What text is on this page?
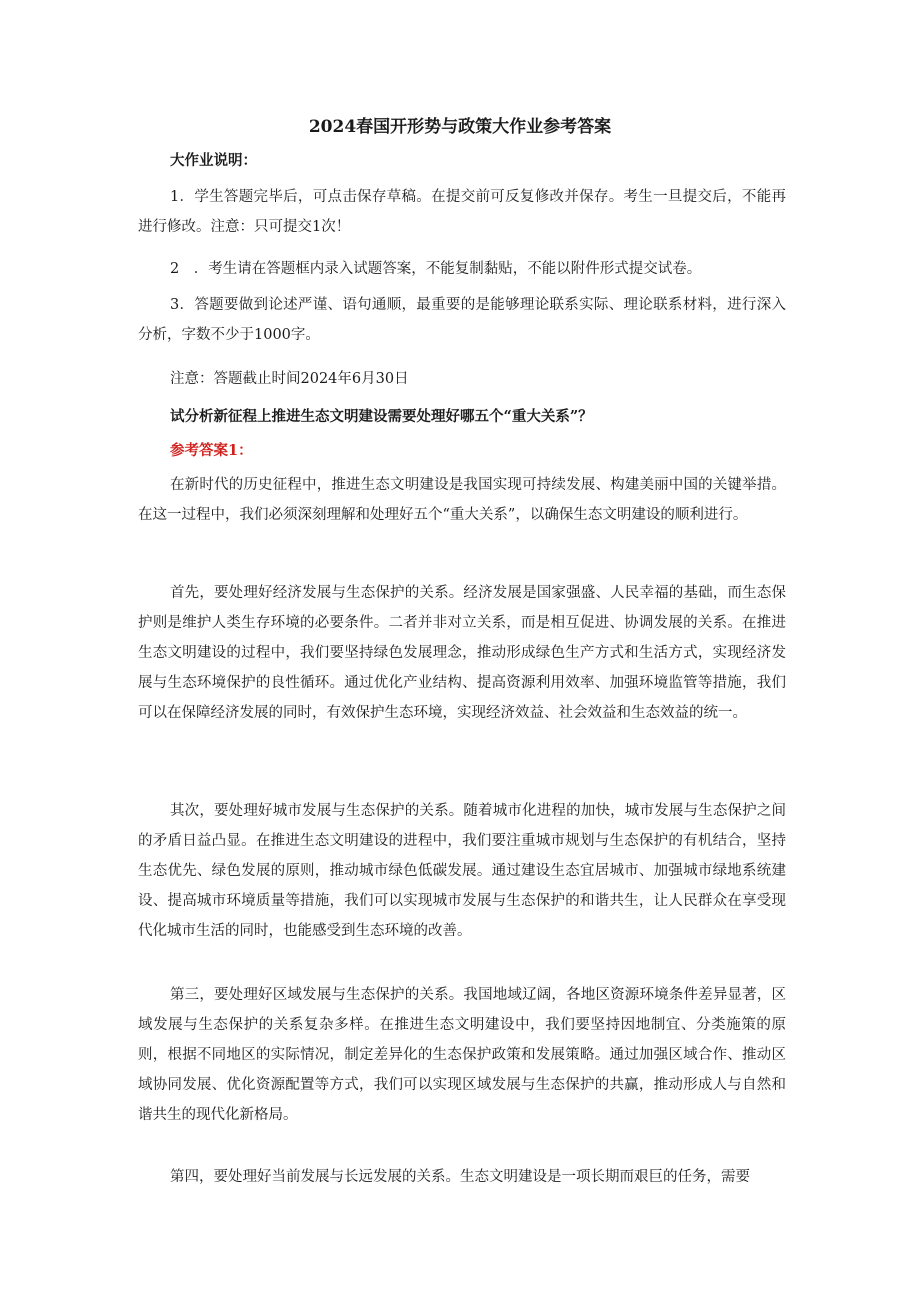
2024春国开形势与政策大作业参考答案

大作业说明：

1．学生答题完毕后，可点击保存草稿。在提交前可反复修改并保存。考生一旦提交后，不能再进行修改。注意：只可提交1次！

2　．考生请在答题框内录入试题答案，不能复制黏贴，不能以附件形式提交试卷。

3．答题要做到论述严谨、语句通顺，最重要的是能够理论联系实际、理论联系材料，进行深入分析，字数不少于1000字。

注意：答题截止时间2024年6月30日

试分析新征程上推进生态文明建设需要处理好哪五个“重大关系”？

参考答案1：

在新时代的历史征程中，推进生态文明建设是我国实现可持续发展、构建美丽中国的关键举措。在这一过程中，我们必须深刻理解和处理好五个“重大关系”，以确保生态文明建设的顺利进行。

首先，要处理好经济发展与生态保护的关系。经济发展是国家强盛、人民幸福的基础，而生态保护则是维护人类生存环境的必要条件。二者并非对立关系，而是相互促进、协调发展的关系。在推进生态文明建设的过程中，我们要坚持绿色发展理念，推动形成绿色生产方式和生活方式，实现经济发展与生态环境保护的良性循环。通过优化产业结构、提高资源利用效率、加强环境监管等措施，我们可以在保障经济发展的同时，有效保护生态环境，实现经济效益、社会效益和生态效益的统一。

其次，要处理好城市发展与生态保护的关系。随着城市化进程的加快，城市发展与生态保护之间的矛盾日益凸显。在推进生态文明建设的进程中，我们要注重城市规划与生态保护的有机结合，坚持生态优先、绿色发展的原则，推动城市绿色低碳发展。通过建设生态宜居城市、加强城市绿地系统建设、提高城市环境质量等措施，我们可以实现城市发展与生态保护的和谐共生，让人民群众在享受现代化城市生活的同时，也能感受到生态环境的改善。

第三，要处理好区域发展与生态保护的关系。我国地域辽阔，各地区资源环境条件差异显著，区域发展与生态保护的关系复杂多样。在推进生态文明建设中，我们要坚持因地制宜、分类施策的原则，根据不同地区的实际情况，制定差异化的生态保护政策和发展策略。通过加强区域合作、推动区域协同发展、优化资源配置等方式，我们可以实现区域发展与生态保护的共赢，推动形成人与自然和谐共生的现代化新格局。

第四，要处理好当前发展与长远发展的关系。生态文明建设是一项长期而艰巨的任务，需要
